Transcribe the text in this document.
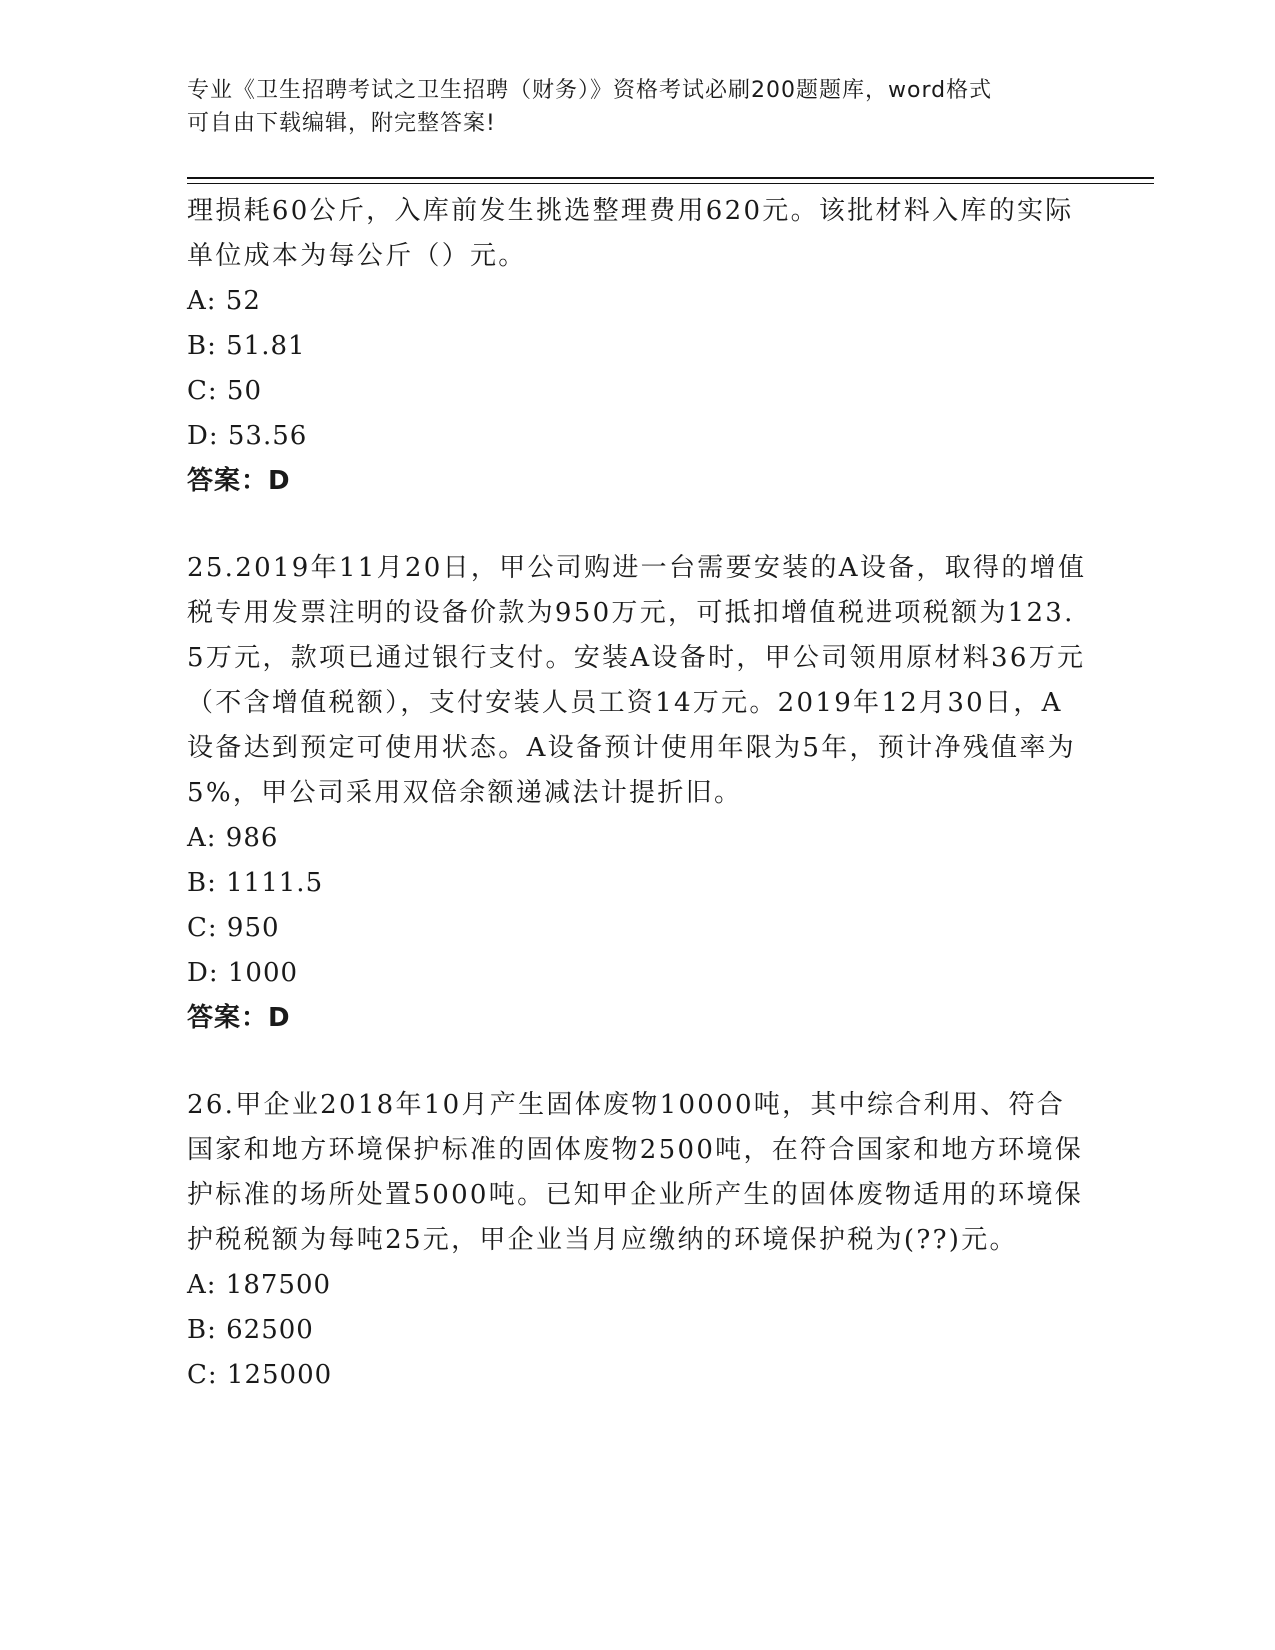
专业《卫生招聘考试之卫生招聘（财务）》资格考试必刷200题题库，word格式
可自由下载编辑，附完整答案!
理损耗60公斤，入库前发生挑选整理费用620元。该批材料入库的实际单位成本为每公斤（）元。
A: 52
B: 51.81
C: 50
D: 53.56
答案：D
25.2019年11月20日，甲公司购进一台需要安装的A设备，取得的增值税专用发票注明的设备价款为950万元，可抵扣增值税进项税额为123.5万元，款项已通过银行支付。安装A设备时，甲公司领用原材料36万元（不含增值税额），支付安装人员工资14万元。2019年12月30日，A设备达到预定可使用状态。A设备预计使用年限为5年，预计净残值率为5%，甲公司采用双倍余额递减法计提折旧。
A: 986
B: 1111.5
C: 950
D: 1000
答案：D
26.甲企业2018年10月产生固体废物10000吨，其中综合利用、符合国家和地方环境保护标准的固体废物2500吨，在符合国家和地方环境保护标准的场所处置5000吨。已知甲企业所产生的固体废物适用的环境保护税税额为每吨25元，甲企业当月应缴纳的环境保护税为(??)元。
A: 187500
B: 62500
C: 125000
